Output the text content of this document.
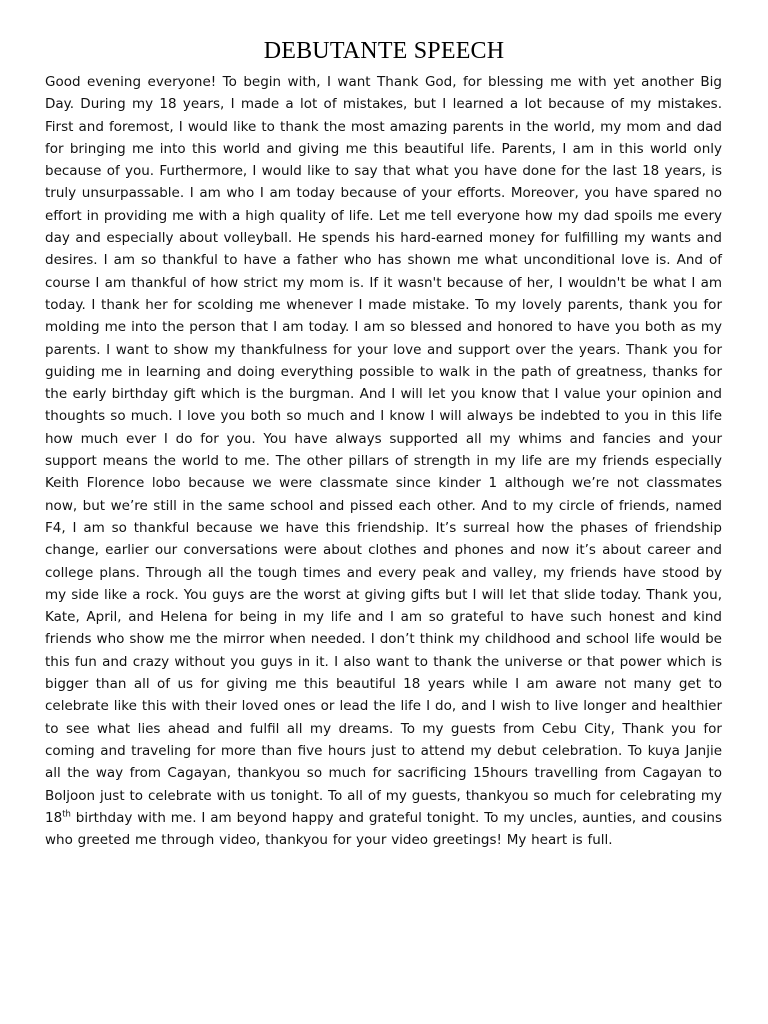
DEBUTANTE SPEECH

Good evening everyone! To begin with, I want Thank God, for blessing me with yet another Big Day. During my 18 years, I made a lot of mistakes, but I learned a lot because of my mistakes. First and foremost, I would like to thank the most amazing parents in the world, my mom and dad for bringing me into this world and giving me this beautiful life. Parents, I am in this world only because of you. Furthermore, I would like to say that what you have done for the last 18 years, is truly unsurpassable. I am who I am today because of your efforts. Moreover, you have spared no effort in providing me with a high quality of life. Let me tell everyone how my dad spoils me every day and especially about volleyball. He spends his hard-earned money for fulfilling my wants and desires. I am so thankful to have a father who has shown me what unconditional love is. And of course I am thankful of how strict my mom is. If it wasn't because of her, I wouldn't be what I am today. I thank her for scolding me whenever I made mistake. To my lovely parents, thank you for molding me into the person that I am today. I am so blessed and honored to have you both as my parents. I want to show my thankfulness for your love and support over the years. Thank you for guiding me in learning and doing everything possible to walk in the path of greatness, thanks for the early birthday gift which is the burgman. And I will let you know that I value your opinion and thoughts so much. I love you both so much and I know I will always be indebted to you in this life how much ever I do for you. You have always supported all my whims and fancies and your support means the world to me. The other pillars of strength in my life are my friends especially Keith Florence lobo because we were classmate since kinder 1 although we’re not classmates now, but we’re still in the same school and pissed each other. And to my circle of friends, named F4, I am so thankful because we have this friendship. It’s surreal how the phases of friendship change, earlier our conversations were about clothes and phones and now it’s about career and college plans. Through all the tough times and every peak and valley, my friends have stood by my side like a rock. You guys are the worst at giving gifts but I will let that slide today. Thank you, Kate, April, and Helena for being in my life and I am so grateful to have such honest and kind friends who show me the mirror when needed. I don’t think my childhood and school life would be this fun and crazy without you guys in it. I also want to thank the universe or that power which is bigger than all of us for giving me this beautiful 18 years while I am aware not many get to celebrate like this with their loved ones or lead the life I do, and I wish to live longer and healthier to see what lies ahead and fulfil all my dreams. To my guests from Cebu City, Thank you for coming and traveling for more than five hours just to attend my debut celebration. To kuya Janjie all the way from Cagayan, thankyou so much for sacrificing 15hours travelling from Cagayan to Boljoon just to celebrate with us tonight. To all of my guests, thankyou so much for celebrating my 18th birthday with me. I am beyond happy and grateful tonight. To my uncles, aunties, and cousins who greeted me through video, thankyou for your video greetings! My heart is full.
